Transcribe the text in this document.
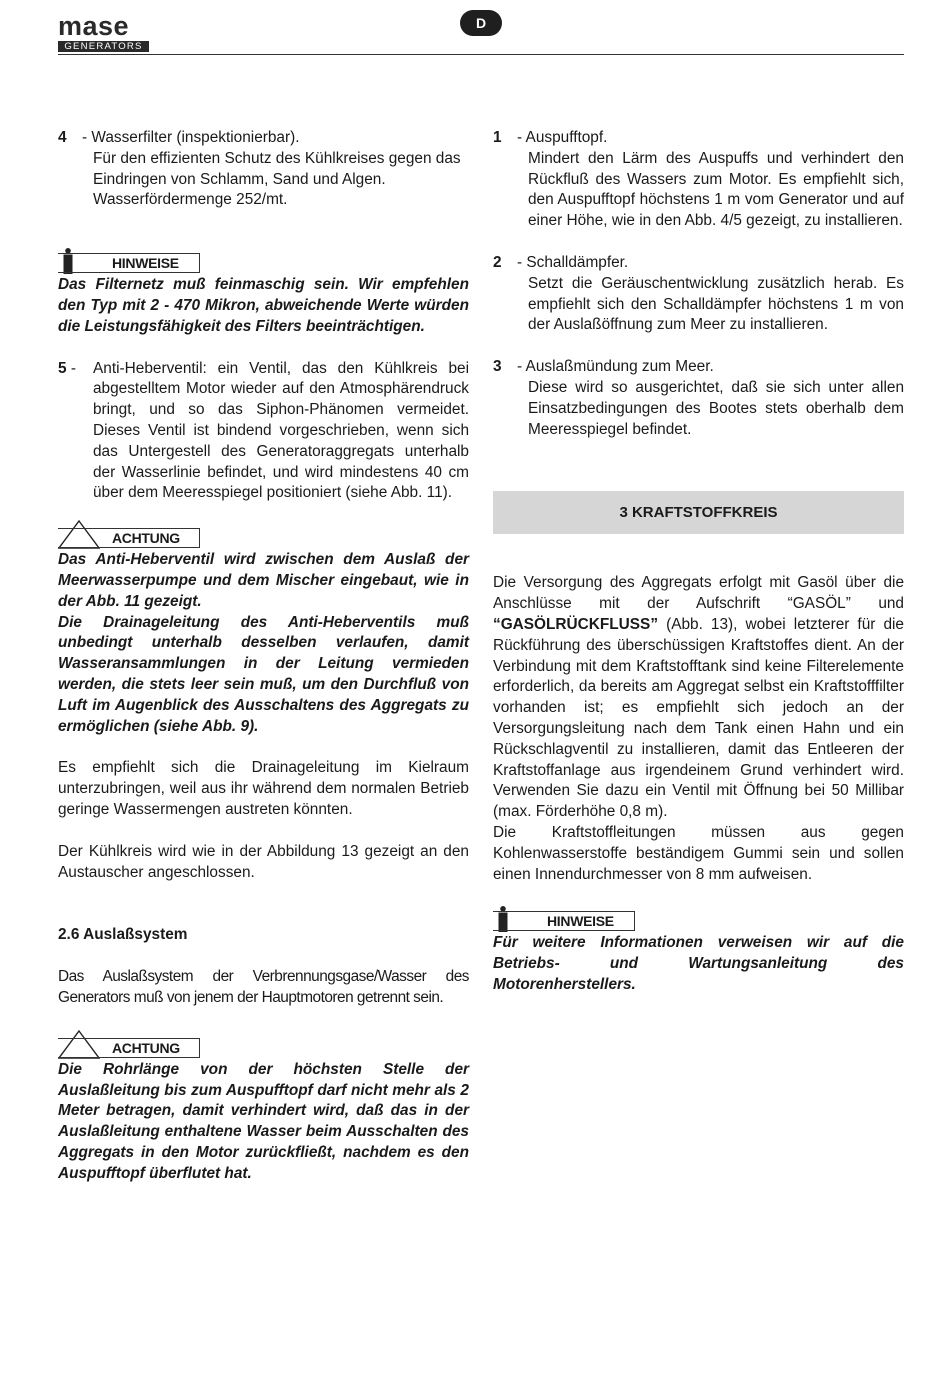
mase
GENERATORS
D
4 - Wasserfilter (inspektionierbar).

Für den effizienten Schutz des Kühlkreises gegen das Eindringen von Schlamm, Sand und Algen.

Wasserfördermenge 252/mt.

HINWEISE

Das Filternetz muß feinmaschig sein. Wir empfehlen den Typ mit 2 - 470 Mikron, abweichende Werte würden die Leistungsfähigkeit des Filters beeinträchtigen.

5 - Anti-Heberventil: ein Ventil, das den Kühlkreis bei abgestelltem Motor wieder auf den Atmosphärendruck bringt, und so das Siphon-Phänomen vermeidet. Dieses Ventil ist bindend vorgeschrieben, wenn sich das Untergestell des Generatoraggregats unterhalb der Wasserlinie befindet, und wird mindestens 40 cm über dem Meeresspiegel positioniert (siehe Abb. 11).

ACHTUNG

Das Anti-Heberventil wird zwischen dem Auslaß der Meerwasserpumpe und dem Mischer eingebaut, wie in der Abb. 11 gezeigt.

Die Drainageleitung des Anti-Heberventils muß unbedingt unterhalb desselben verlaufen, damit Wasseransammlungen in der Leitung vermieden werden, die stets leer sein muß, um den Durchfluß von Luft im Augenblick des Ausschaltens des Aggregats zu ermöglichen (siehe Abb. 9).

Es empfiehlt sich die Drainageleitung im Kielraum unterzubringen, weil aus ihr während dem normalen Betrieb geringe Wassermengen austreten könnten.

Der Kühlkreis wird wie in der Abbildung 13 gezeigt an den Austauscher angeschlossen.

2.6 Auslaßsystem

Das Auslaßsystem der Verbrennungsgase/Wasser des Generators muß von jenem der Hauptmotoren getrennt sein.

ACHTUNG

Die Rohrlänge von der höchsten Stelle der Auslaßleitung bis zum Auspufftopf darf nicht mehr als 2 Meter betragen, damit verhindert wird, daß das in der Auslaßleitung enthaltene Wasser beim Ausschalten des Aggregats in den Motor zurückfließt, nachdem es den Auspufftopf überflutet hat.

1 - Auspufftopf.

Mindert den Lärm des Auspuffs und verhindert den Rückfluß des Wassers zum Motor. Es empfiehlt sich, den Auspufftopf höchstens 1 m vom Generator und auf einer Höhe, wie in den Abb. 4/5 gezeigt, zu installieren.

2 - Schalldämpfer.

Setzt die Geräuschentwicklung zusätzlich herab. Es empfiehlt sich den Schalldämpfer höchstens 1 m von der Auslaßöffnung zum Meer zu installieren.

3 - Auslaßmündung zum Meer.

Diese wird so ausgerichtet, daß sie sich unter allen Einsatzbedingungen des Bootes stets oberhalb dem Meeresspiegel befindet.

3 KRAFTSTOFFKREIS

Die Versorgung des Aggregats erfolgt mit Gasöl über die Anschlüsse mit der Aufschrift “GASÖL” und “GASÖLRÜCKFLUSS” (Abb. 13), wobei letzterer für die Rückführung des überschüssigen Kraftstoffes dient. An der Verbindung mit dem Kraftstofftank sind keine Filterelemente erforderlich, da bereits am Aggregat selbst ein Kraftstofffilter vorhanden ist; es empfiehlt sich jedoch an der Versorgungsleitung nach dem Tank einen Hahn und ein Rückschlagventil zu installieren, damit das Entleeren der Kraftstoffanlage aus irgendeinem Grund verhindert wird. Verwenden Sie dazu ein Ventil mit Öffnung bei 50 Millibar (max. Förderhöhe 0,8 m).

Die Kraftstoffleitungen müssen aus gegen Kohlenwasserstoffe beständigem Gummi sein und sollen einen Innendurchmesser von 8 mm aufweisen.

HINWEISE

Für weitere Informationen verweisen wir auf die Betriebs- und Wartungsanleitung des Motorenherstellers.
